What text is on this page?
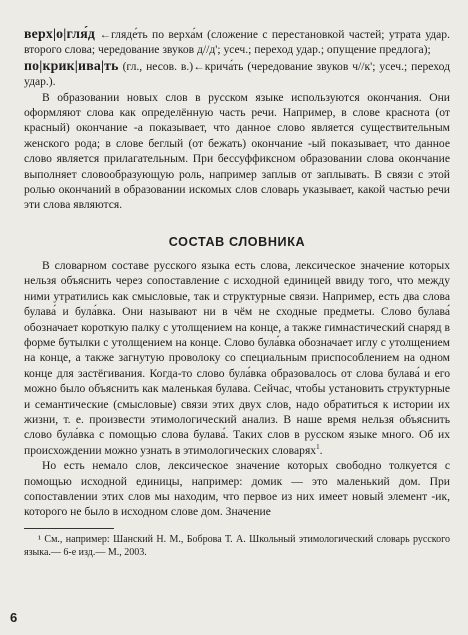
верх|о|гля́д ←гляде́ть по верха́м (сложение с перестановкой частей; утрата удар. второго слова; чередование звуков д//д'; усеч.; переход удар.; опущение предлога);

по|крик|ива|ть (гл., несов. в.)←крича́ть (чередование звуков ч//к'; усеч.; переход удар.).

В образовании новых слов в русском языке используются окончания. Они оформляют слова как определённую часть речи. Например, в слове краснота (от красный) окончание -а показывает, что данное слово является существительным женского рода; в слове беглый (от бежать) окончание -ый показывает, что данное слово является прилагательным. При бессуффиксном образовании слова окончание выполняет словообразующую роль, например заплыв от заплывать. В связи с этой ролью окончаний в образовании искомых слов словарь указывает, какой частью речи эти слова являются.

СОСТАВ СЛОВНИКА

В словарном составе русского языка есть слова, лексическое значение которых нельзя объяснить через сопоставление с исходной единицей ввиду того, что между ними утратились как смысловые, так и структурные связи. Например, есть два слова булава́ и була́вка. Они называют ни в чём не сходные предметы. Слово булава́ обозначает короткую палку с утолщением на конце, а также гимнастический снаряд в форме бутылки с утолщением на конце. Слово була́вка обозначает иглу с утолщением на конце, а также загнутую проволоку со специальным приспособлением на одном конце для застёгивания. Когда-то слово була́вка образовалось от слова булава́ и его можно было объяснить как маленькая булава. Сейчас, чтобы установить структурные и семантические (смысловые) связи этих двух слов, надо обратиться к истории их жизни, т. е. произвести этимологический анализ. В наше время нельзя объяснить слово була́вка с помощью слова булава́. Таких слов в русском языке много. Об их происхождении можно узнать в этимологических словарях$^1$.

Но есть немало слов, лексическое значение которых свободно толкуется с помощью исходной единицы, например: домик — это маленький дом. При сопоставлении этих слов мы находим, что первое из них имеет новый элемент -ик, которого не было в исходном слове дом. Значение

¹ См., например: Шанский Н. М., Боброва Т. А. Школьный этимологический словарь русского языка.— 6-е изд.— М., 2003.

6
